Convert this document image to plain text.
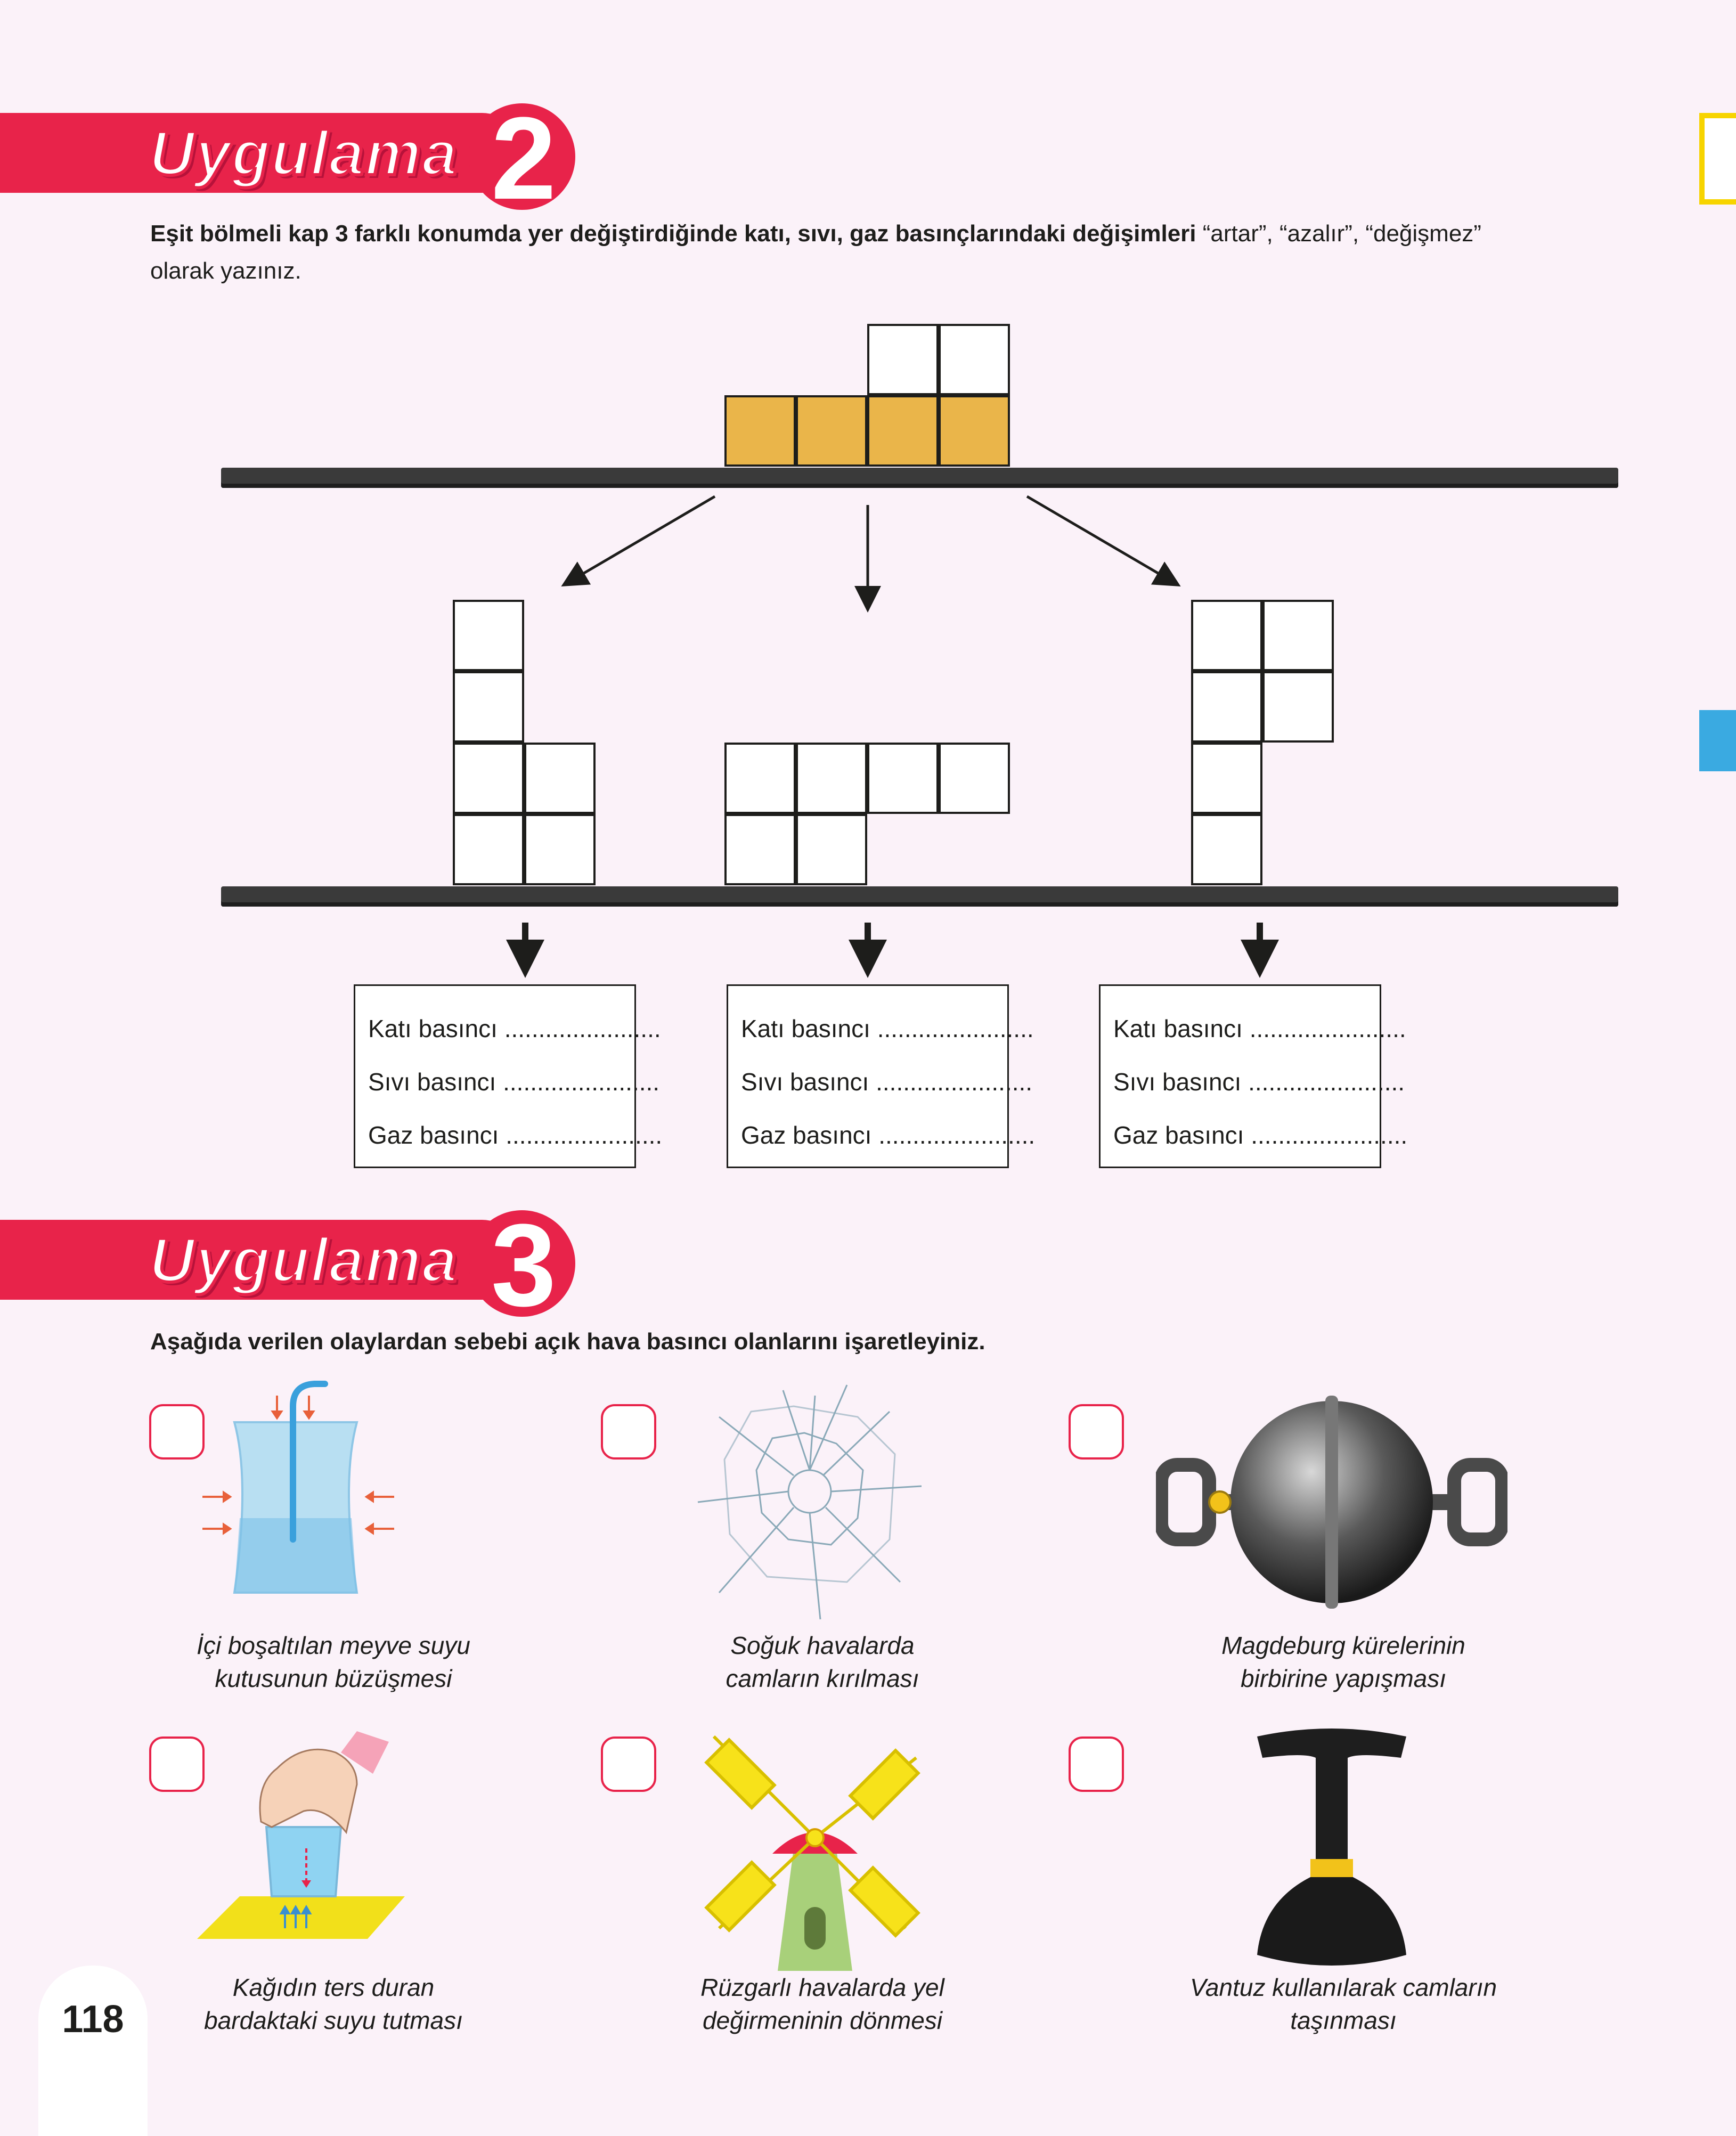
Uygulama 2
Eşit bölmeli kap 3 farklı konumda yer değiştirdiğinde katı, sıvı, gaz basınçlarındaki değişimleri “artar”, “azalır”, “değişmez”
olarak yazınız.
Katı basıncı .......................
Sıvı basıncı .......................
Gaz basıncı .......................
Katı basıncı .......................
Sıvı basıncı .......................
Gaz basıncı .......................
Katı basıncı .......................
Sıvı basıncı .......................
Gaz basıncı .......................
Uygulama 3
Aşağıda verilen olaylardan sebebi açık hava basıncı olanlarını işaretleyiniz.
İçi boşaltılan meyve suyu
kutusunun büzüşmesi
Soğuk havalarda
camların kırılması
Magdeburg kürelerinin
birbirine yapışması
Kağıdın ters duran
bardaktaki suyu tutması
Rüzgarlı havalarda yel
değirmeninin dönmesi
Vantuz kullanılarak camların
taşınması
118
